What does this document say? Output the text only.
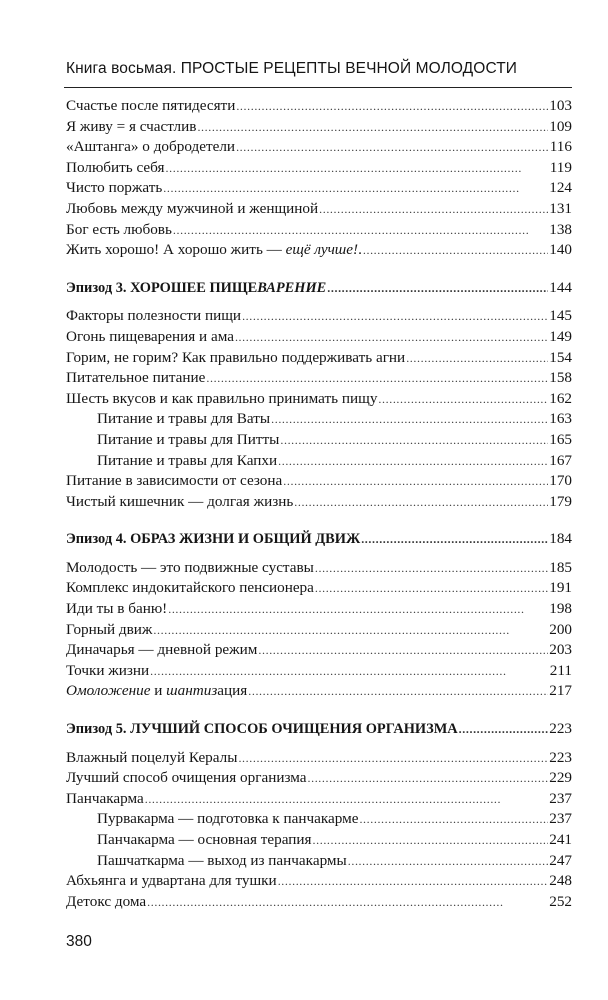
Книга восьмая. ПРОСТЫЕ РЕЦЕПТЫ ВЕЧНОЙ МОЛОДОСТИ
Счастье после пятидесяти . . .	103
Я живу = я счастлив . . .	109
«Аштанга» о добродетели . . .	116
Полюбить себя . . .	119
Чисто поржать . . .	124
Любовь между мужчиной и женщиной . . .	131
Бог есть любовь . . .	138
Жить хорошо! А хорошо жить — ещё лучше!. . . .	140
Эпизод 3. ХОРОШЕЕ ПИЩЕВАРЕНИЕ . . .	144
Факторы полезности пищи . . .	145
Огонь пищеварения и ама . . .	149
Горим, не горим? Как правильно поддерживать агни . . .	154
Питательное питание . . .	158
Шесть вкусов и как правильно принимать пищу . . .	162
Питание и травы для Ваты . . .	163
Питание и травы для Питты . . .	165
Питание и травы для Капхи . . .	167
Питание в зависимости от сезона . . .	170
Чистый кишечник — долгая жизнь . . .	179
Эпизод 4. ОБРАЗ ЖИЗНИ И ОБЩИЙ ДВИЖ . . .	184
Молодость — это подвижные суставы . . .	185
Комплекс индокитайского пенсионера . . .	191
Иди ты в баню! . . .	198
Горный движ . . .	200
Диначарья — дневной режим . . .	203
Точки жизни . . .	211
Омоложение и шантизация . . .	217
Эпизод 5. ЛУЧШИЙ СПОСОБ ОЧИЩЕНИЯ ОРГАНИЗМА . . .	223
Влажный поцелуй Кералы . . .	223
Лучший способ очищения организма . . .	229
Панчакарма . . .	237
Пурвакарма — подготовка к панчакарме . . .	237
Панчакарма — основная терапия . . .	241
Пашчаткарма — выход из панчакармы . . .	247
Абхьянга и удвартана для тушки . . .	248
Детокс дома . . .	252
380
